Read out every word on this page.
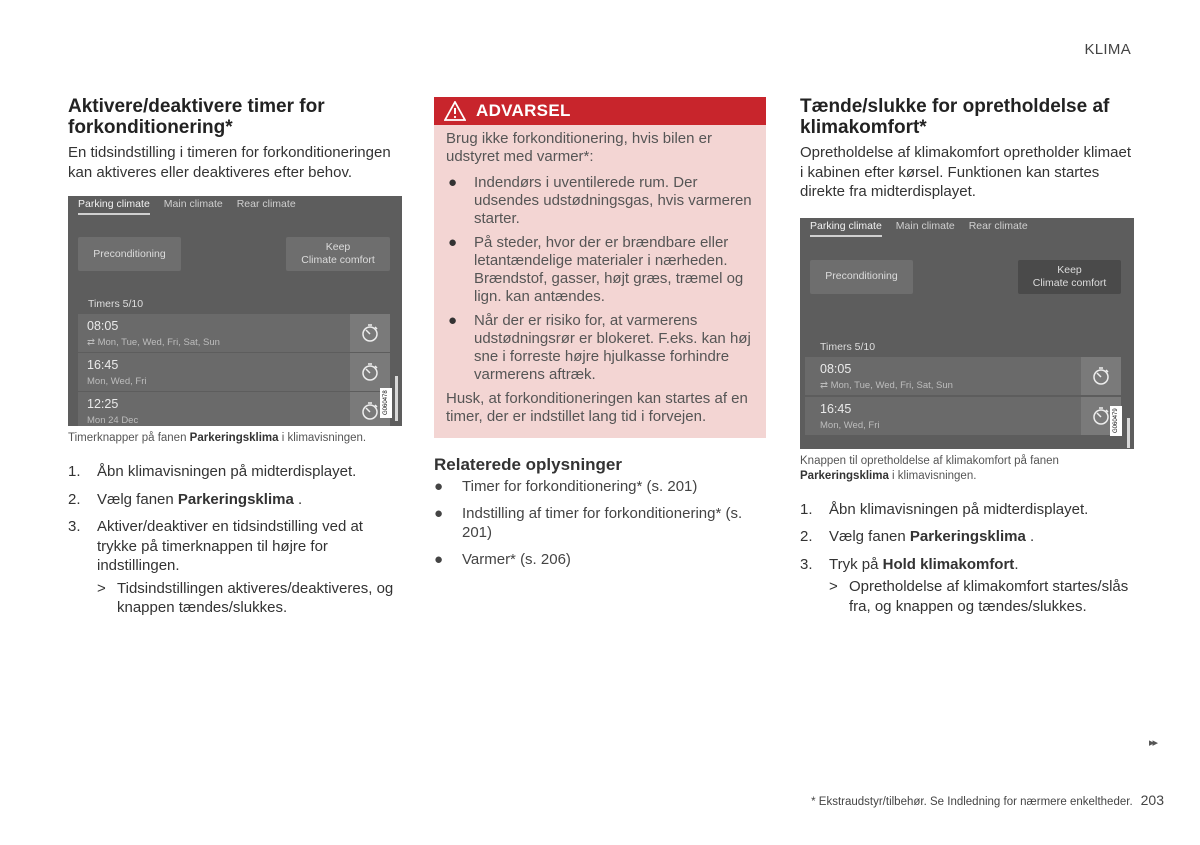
KLIMA
Aktivere/deaktivere timer for forkonditionering*

En tidsindstilling i timeren for forkonditioneringen kan aktiveres eller deaktiveres efter behov.

Parking climate Main climate Rear climate
Preconditioning
Keep
Climate comfort
Timers 5/10
08:05
⇄ Mon, Tue, Wed, Fri, Sat, Sun
16:45
Mon, Wed, Fri
12:25
Mon 24 Dec
G060478

Timerknapper på fanen Parkeringsklima i klimavisningen.

1. Åbn klimavisningen på midterdisplayet.
2. Vælg fanen Parkeringsklima .
3. Aktiver/deaktiver en tidsindstilling ved at trykke på timerknappen til højre for indstillingen.
> Tidsindstillingen aktiveres/deaktiveres, og knappen tændes/slukkes.
ADVARSEL

Brug ikke forkonditionering, hvis bilen er udstyret med varmer*:

● Indendørs i uventilerede rum. Der udsendes udstødningsgas, hvis varmeren starter.
● På steder, hvor der er brændbare eller letantændelige materialer i nærheden. Brændstof, gasser, højt græs, træmel og lign. kan antændes.
● Når der er risiko for, at varmerens udstødningsrør er blokeret. F.eks. kan høj sne i forreste højre hjulkasse forhindre varmerens aftræk.

Husk, at forkonditioneringen kan startes af en timer, der er indstillet lang tid i forvejen.

Relaterede oplysninger
● Timer for forkonditionering* (s. 201)
● Indstilling af timer for forkonditionering* (s. 201)
● Varmer* (s. 206)
Tænde/slukke for opretholdelse af klimakomfort*

Opretholdelse af klimakomfort opretholder klimaet i kabinen efter kørsel. Funktionen kan startes direkte fra midterdisplayet.

Parking climate Main climate Rear climate
Preconditioning
Keep
Climate comfort
Timers 5/10
08:05
⇄ Mon, Tue, Wed, Fri, Sat, Sun
16:45
Mon, Wed, Fri	G060479

Knappen til opretholdelse af klimakomfort på fanen Parkeringsklima i klimavisningen.

1. Åbn klimavisningen på midterdisplayet.
2. Vælg fanen Parkeringsklima .
3. Tryk på Hold klimakomfort.
> Opretholdelse af klimakomfort startes/slås fra, og knappen og tændes/slukkes.
▸▸
* Ekstraudstyr/tilbehør. Se Indledning for nærmere enkeltheder. 203
